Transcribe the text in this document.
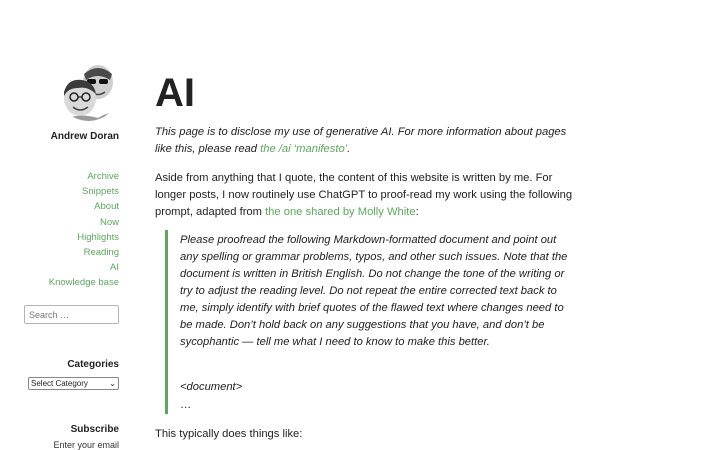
Andrew Doran
Archive
Snippets
About
Now
Highlights
Reading
AI
Knowledge base
Search …
Categories
Select Category	⌄
Subscribe
Enter your email
AI

This page is to disclose my use of generative AI. For more information about pages like this, please read the /ai ‘manifesto’.

Aside from anything that I quote, the content of this website is written by me. For longer posts, I now routinely use ChatGPT to proof-read my work using the following prompt, adapted from the one shared by Molly White:

Please proofread the following Markdown-formatted document and point out any spelling or grammar problems, typos, and other such issues. Note that the document is written in British English. Do not change the tone of the writing or try to adjust the reading level. Do not repeat the entire corrected text back to me, simply identify with brief quotes of the flawed text where changes need to be made. Don’t hold back on any suggestions that you have, and don’t be sycophantic — tell me what I need to know to make this better.

<document>

…

This typically does things like:
